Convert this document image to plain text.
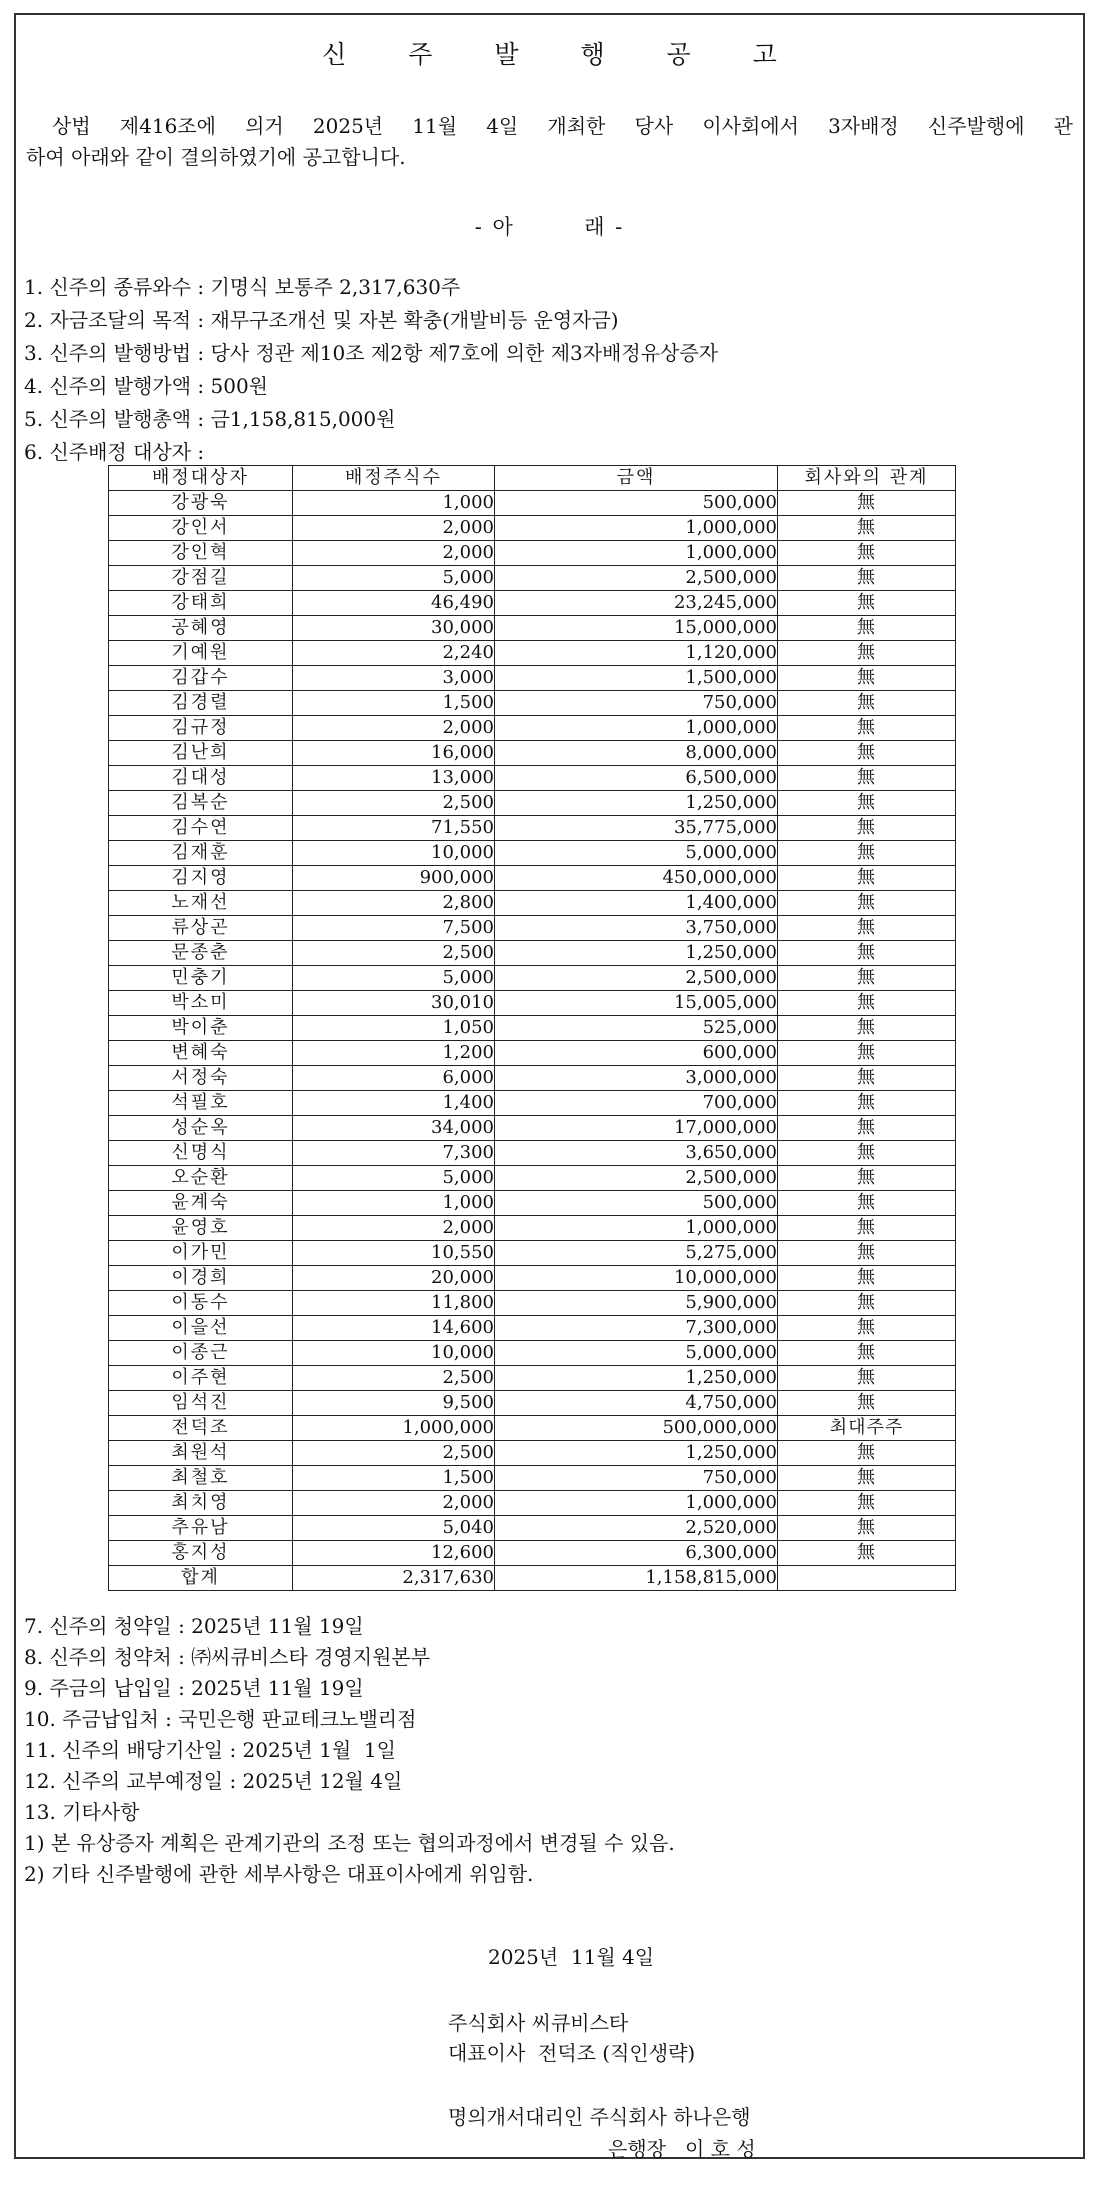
신 주 발 행 공 고
상법 제416조에 의거 2025년 11월 4일 개최한 당사 이사회에서 3자배정 신주발행에 관
하여 아래와 같이 결의하였기에 공고합니다.
- 아        래 -
1. 신주의 종류와수 : 기명식 보통주 2,317,630주
2. 자금조달의 목적 : 재무구조개선 및 자본 확충(개발비등 운영자금)
3. 신주의 발행방법 : 당사 정관 제10조 제2항 제7호에 의한 제3자배정유상증자
4. 신주의 발행가액 : 500원
5. 신주의 발행총액 : 금1,158,815,000원
6. 신주배정 대상자 :
배정대상자	배정주식수	금액	회사와의 관계
강광욱	1,000	500,000	無
강인서	2,000	1,000,000	無
강인혁	2,000	1,000,000	無
강점길	5,000	2,500,000	無
강태희	46,490	23,245,000	無
공혜영	30,000	15,000,000	無
기예원	2,240	1,120,000	無
김갑수	3,000	1,500,000	無
김경렬	1,500	750,000	無
김규정	2,000	1,000,000	無
김난희	16,000	8,000,000	無
김대성	13,000	6,500,000	無
김복순	2,500	1,250,000	無
김수연	71,550	35,775,000	無
김재훈	10,000	5,000,000	無
김지영	900,000	450,000,000	無
노재선	2,800	1,400,000	無
류상곤	7,500	3,750,000	無
문종춘	2,500	1,250,000	無
민충기	5,000	2,500,000	無
박소미	30,010	15,005,000	無
박이춘	1,050	525,000	無
변혜숙	1,200	600,000	無
서정숙	6,000	3,000,000	無
석필호	1,400	700,000	無
성순옥	34,000	17,000,000	無
신명식	7,300	3,650,000	無
오순환	5,000	2,500,000	無
윤계숙	1,000	500,000	無
윤영호	2,000	1,000,000	無
이가민	10,550	5,275,000	無
이경희	20,000	10,000,000	無
이동수	11,800	5,900,000	無
이을선	14,600	7,300,000	無
이종근	10,000	5,000,000	無
이주현	2,500	1,250,000	無
임석진	9,500	4,750,000	無
전덕조	1,000,000	500,000,000	최대주주
최원석	2,500	1,250,000	無
최철호	1,500	750,000	無
최치영	2,000	1,000,000	無
추유남	5,040	2,520,000	無
홍지성	12,600	6,300,000	無
합계	2,317,630	1,158,815,000	
7. 신주의 청약일 : 2025년 11월 19일
8. 신주의 청약처 : ㈜씨큐비스타 경영지원본부
9. 주금의 납입일 : 2025년 11월 19일
10. 주금납입처 : 국민은행 판교테크노밸리점
11. 신주의 배당기산일 : 2025년 1월  1일
12. 신주의 교부예정일 : 2025년 12월 4일
13. 기타사항
1) 본 유상증자 계획은 관계기관의 조정 또는 협의과정에서 변경될 수 있음.
2) 기타 신주발행에 관한 세부사항은 대표이사에게 위임함.
2025년  11월 4일
주식회사 씨큐비스타
대표이사  전덕조 (직인생략)
명의개서대리인 주식회사 하나은행
은행장   이 호 성
